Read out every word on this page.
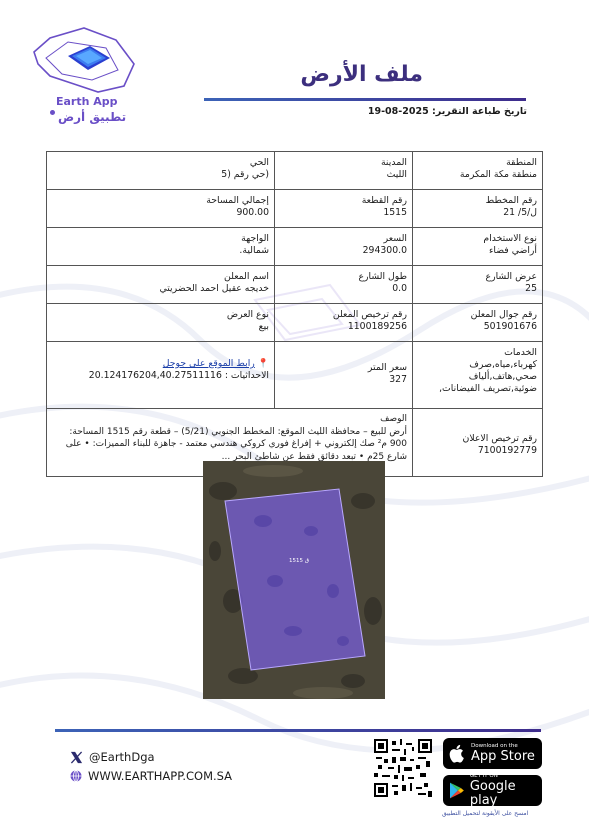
Earth App
تطبيق أرض
ملف الأرض
تاريخ طباعة التقرير: 2025-08-19
المنطقة
منطقة مكة المكرمة
المدينة
الليث
الحي
(حي رقم (5
رقم المخطط
ل/5/ 21
رقم القطعة
1515
إجمالي المساحة
900.00
نوع الاستخدام
أراضي فضاء
السعر
294300.0
الواجهة
شمالية.
عرض الشارع
25
طول الشارع
0.0
اسم المعلن
خديجه عقيل احمد الحضريتي
رقم جوال المعلن
501901676
رقم ترخيص المعلن
1100189256
نوع العرض
بيع
الخدمات
كهرباء,مياه,صرف صحي,هاتف,ألياف ضوئية,تصريف الفيضانات,
سعر المتر
327
📍 رابط الموقع على جوجل
الاحداثيات : 20.124176204,40.27511116
رقم ترخيص الاعلان
7100192779
الوصف
أرض للبيع – محافظة الليث الموقع: المخطط الجنوبي (5/21) – قطعة رقم 1515 المساحة: 900 م² صك إلكتروني + إفراغ فوري كروكي هندسي معتمد - جاهزة للبناء المميزات: • على شارع 25م • تبعد دقائق فقط عن شاطئ البحر ...
1515 ق
@EarthDga
WWW.EARTHAPP.COM.SA
Download on the
App Store
GET IT ON
Google play
امسح على الأيقونة لتحميل التطبيق
